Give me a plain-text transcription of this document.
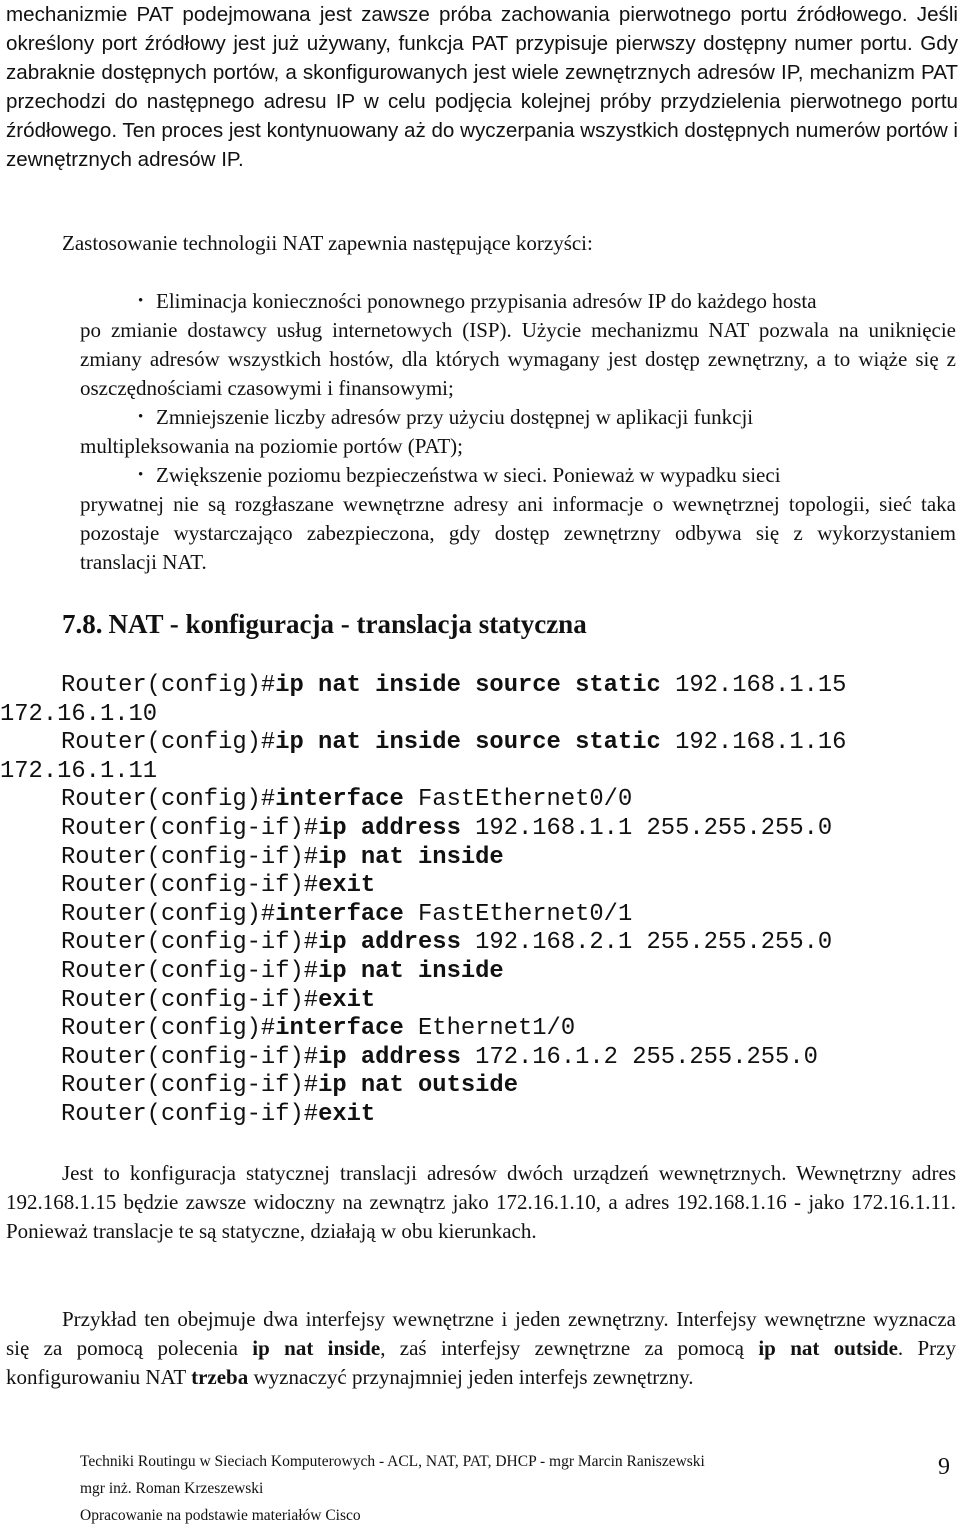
mechanizmie PAT podejmowana jest zawsze próba zachowania pierwotnego portu źródłowego. Jeśli określony port źródłowy jest już używany, funkcja PAT przypisuje pierwszy dostępny numer portu. Gdy zabraknie dostępnych portów, a skonfigurowanych jest wiele zewnętrznych adresów IP, mechanizm PAT przechodzi do następnego adresu IP w celu podjęcia kolejnej próby przydzielenia pierwotnego portu źródłowego. Ten proces jest kontynuowany aż do wyczerpania wszystkich dostępnych numerów portów i zewnętrznych adresów IP.

Zastosowanie technologii NAT zapewnia następujące korzyści:

• Eliminacja konieczności ponownego przypisania adresów IP do każdego hosta
po zmianie dostawcy usług internetowych (ISP). Użycie mechanizmu NAT pozwala na uniknięcie zmiany adresów wszystkich hostów, dla których wymagany jest dostęp zewnętrzny, a to wiąże się z oszczędnościami czasowymi i finansowymi;

• Zmniejszenie liczby adresów przy użyciu dostępnej w aplikacji funkcji
multipleksowania na poziomie portów (PAT);

• Zwiększenie poziomu bezpieczeństwa w sieci. Ponieważ w wypadku sieci
prywatnej nie są rozgłaszane wewnętrzne adresy ani informacje o wewnętrznej topologii, sieć taka pozostaje wystarczająco zabezpieczona, gdy dostęp zewnętrzny odbywa się z wykorzystaniem translacji NAT.

7.8. NAT - konfiguracja - translacja statyczna
Router(config)#ip nat inside source static 192.168.1.15
172.16.1.10
Router(config)#ip nat inside source static 192.168.1.16
172.16.1.11
Router(config)#interface FastEthernet0/0
Router(config-if)#ip address 192.168.1.1 255.255.255.0
Router(config-if)#ip nat inside
Router(config-if)#exit
Router(config)#interface FastEthernet0/1
Router(config-if)#ip address 192.168.2.1 255.255.255.0
Router(config-if)#ip nat inside
Router(config-if)#exit
Router(config)#interface Ethernet1/0
Router(config-if)#ip address 172.16.1.2 255.255.255.0
Router(config-if)#ip nat outside
Router(config-if)#exit

Jest to konfiguracja statycznej translacji adresów dwóch urządzeń wewnętrznych. Wewnętrzny adres 192.168.1.15 będzie zawsze widoczny na zewnątrz jako 172.16.1.10, a adres 192.168.1.16 - jako 172.16.1.11. Ponieważ translacje te są statyczne, działają w obu kierunkach.

Przykład ten obejmuje dwa interfejsy wewnętrzne i jeden zewnętrzny. Interfejsy wewnętrzne wyznacza się za pomocą polecenia ip nat inside, zaś interfejsy zewnętrzne za pomocą ip nat outside. Przy konfigurowaniu NAT trzeba wyznaczyć przynajmniej jeden interfejs zewnętrzny.

Techniki Routingu w Sieciach Komputerowych - ACL, NAT, PAT, DHCP - mgr Marcin Raniszewski
mgr inż. Roman Krzeszewski
Opracowanie na podstawie materiałów Cisco
9
